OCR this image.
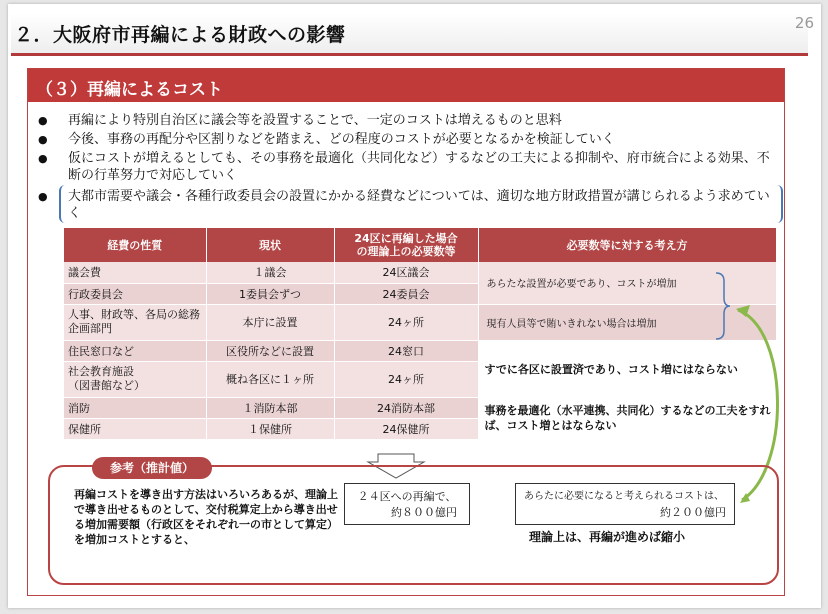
２．大阪府市再編による財政への影響
26
（３）再編によるコスト
● 再編により特別自治区に議会等を設置することで、一定のコストは増えるものと思料
● 今後、事務の再配分や区割りなどを踏まえ、どの程度のコストが必要となるかを検証していく
● 仮にコストが増えるとしても、その事務を最適化（共同化など）するなどの工夫による抑制や、府市統合による効果、不断の行革努力で対応していく
● 大都市需要や議会・各種行政委員会の設置にかかる経費などについては、適切な地方財政措置が講じられるよう求めていく
経費の性質	現状	24区に再編した場合
の理論上の必要数等	必要数等に対する考え方
議会費	１議会	24区議会	あらたな設置が必要であり、コストが増加
行政委員会	1委員会ずつ	24委員会	
人事、財政等、各局の総務企画部門	本庁に設置	24ヶ所	現有人員等で賄いきれない場合は増加
住民窓口など	区役所などに設置	24窓口	すでに各区に設置済であり、コスト増にはならない
社会教育施設
（図書館など）	概ね各区に１ヶ所	24ヶ所	
消防	１消防本部	24消防本部	事務を最適化（水平連携、共同化）するなどの工夫をすれば、コスト増とはならない
保健所	１保健所	24保健所	
参考（推計値）
再編コストを導き出す方法はいろいろあるが、理論上で導き出せるものとして、交付税算定上から導き出せる増加需要額（行政区をそれぞれ一の市として算定）を増加コストとすると、
２４区への再編で、
約８００億円
あらたに必要になると考えられるコストは、
約２００億円
理論上は、再編が進めば縮小
